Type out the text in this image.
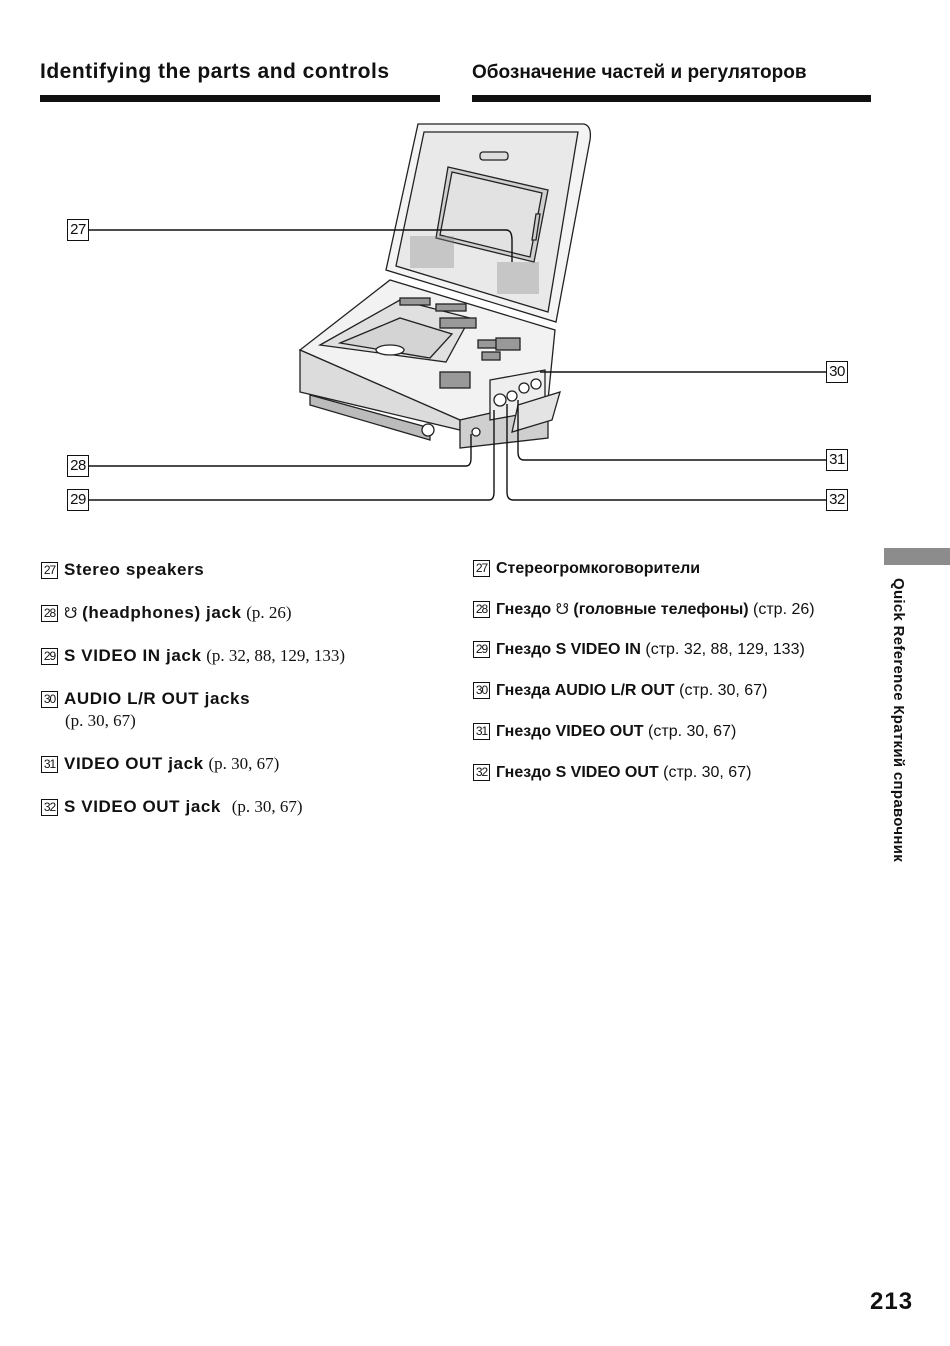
Identifying the parts and controls	Обозначение частей и регуляторов
27
28
29
30
31
32
27 Stereo speakers
28 ☋ (headphones) jack (p. 26)
29 S VIDEO IN jack (p. 32, 88, 129, 133)
30 AUDIO L/R OUT jacks
(p. 30, 67)
31 VIDEO OUT jack (p. 30, 67)
32 S VIDEO OUT jack (p. 30, 67)
27 Стереогромкоговорители
28 Гнездо ☋ (головные телефоны) (стр. 26)
29 Гнездо S VIDEO IN (стр. 32, 88, 129, 133)
30 Гнезда AUDIO L/R OUT (стр. 30, 67)
31 Гнездо VIDEO OUT (стр. 30, 67)
32 Гнездо S VIDEO OUT (стр. 30, 67)	Quick Reference Краткий справочник
213
